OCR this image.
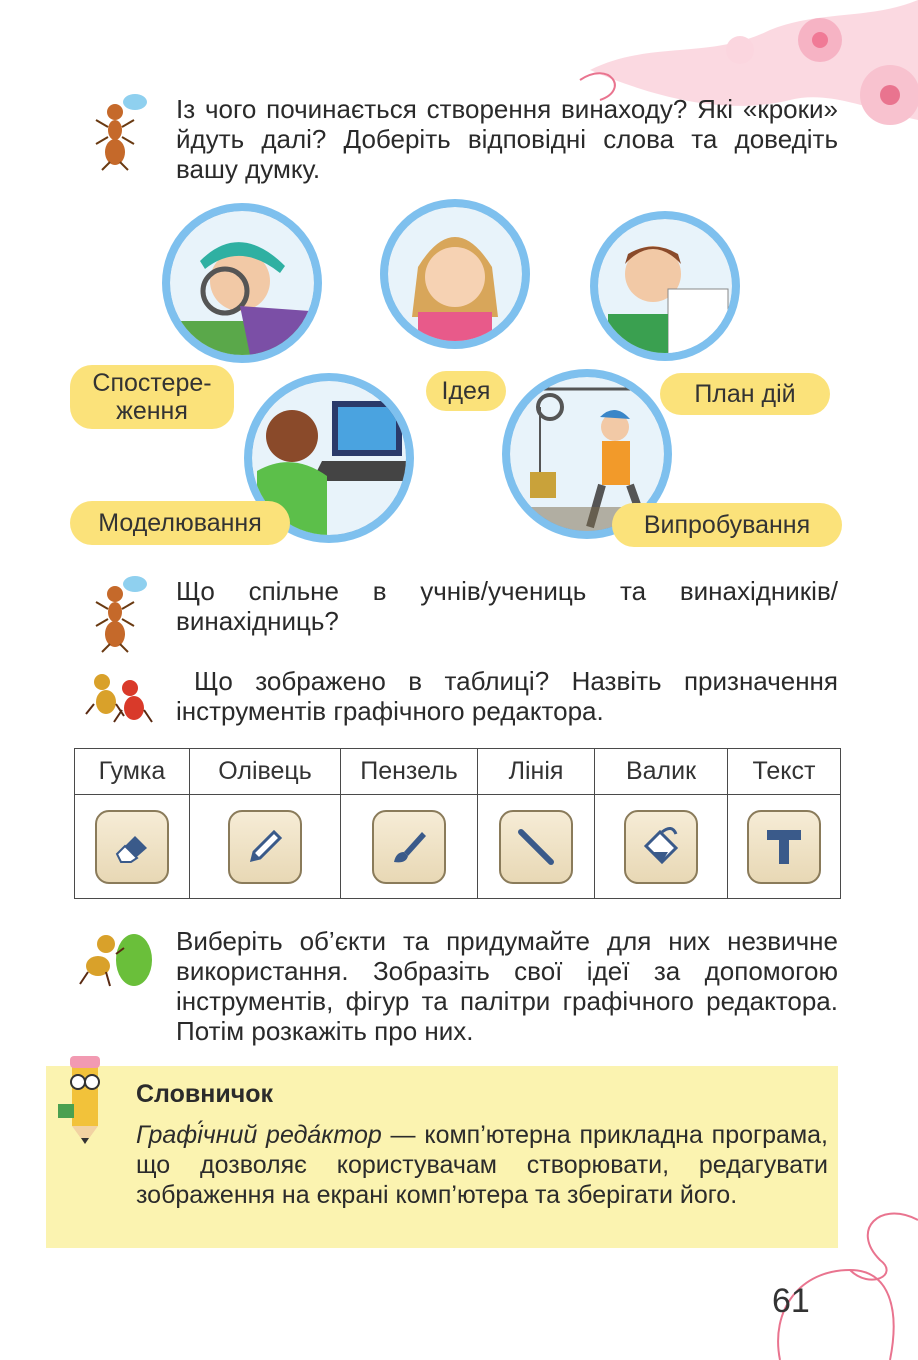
Із чого починається створення винаходу? Які «кроки» йдуть далі? Доберіть відповідні слова та доведіть вашу думку.
Спостере-
ження
Ідея	План дій
Моделювання	Випробування
Що спільне в учнів/учениць та винахідників/винахідниць?
Що зображено в таблиці? Назвіть призначення інструментів графічного редактора.
Гумка	Олівець	Пензель	Лінія	Валик	Текст

Виберіть об’єкти та придумайте для них незвичне використання. Зобразіть свої ідеї за допомогою інструментів, фігур та палітри графічного редактора. Потім розкажіть про них.
Словничок
Графі́чний реда́ктор — комп’ютерна прикладна програма, що дозволяє користувачам створювати, редагувати зображення на екрані комп’ютера та зберігати його.
61
